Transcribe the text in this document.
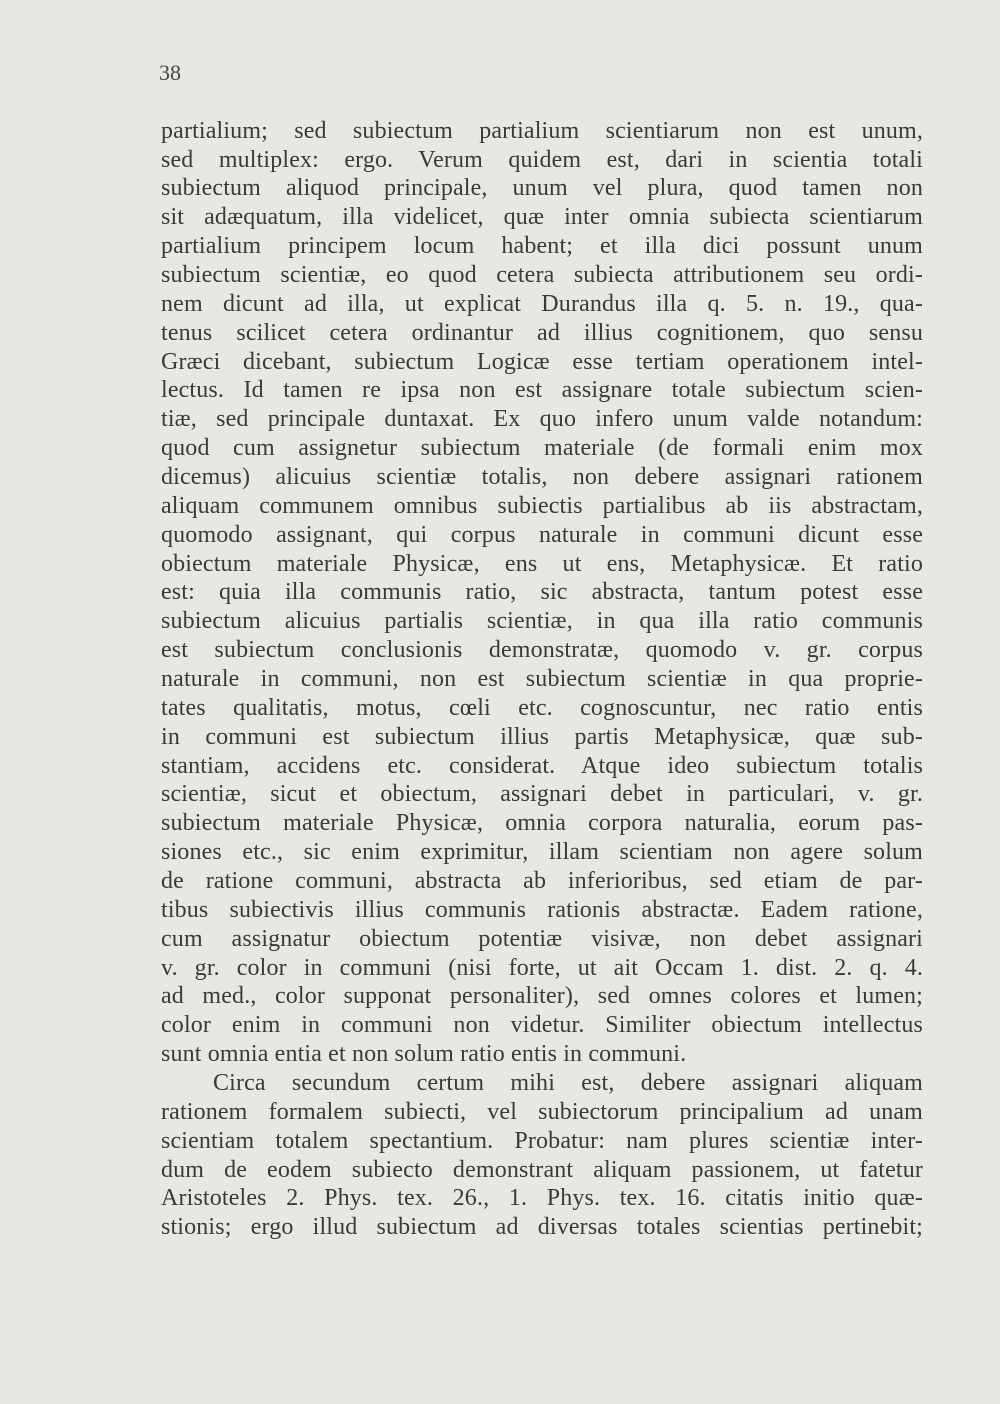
38
partialium; sed subiectum partialium scientiarum non est unum,
sed multiplex: ergo. Verum quidem est, dari in scientia totali
subiectum aliquod principale, unum vel plura, quod tamen non
sit adæquatum, illa videlicet, quæ inter omnia subiecta scientiarum
partialium principem locum habent; et illa dici possunt unum
subiectum scientiæ, eo quod cetera subiecta attributionem seu ordi-
nem dicunt ad illa, ut explicat Durandus illa q. 5. n. 19., qua-
tenus scilicet cetera ordinantur ad illius cognitionem, quo sensu
Græci dicebant, subiectum Logicæ esse tertiam operationem intel-
lectus. Id tamen re ipsa non est assignare totale subiectum scien-
tiæ, sed principale duntaxat. Ex quo infero unum valde notandum:
quod cum assignetur subiectum materiale (de formali enim mox
dicemus) alicuius scientiæ totalis, non debere assignari rationem
aliquam communem omnibus subiectis partialibus ab iis abstractam,
quomodo assignant, qui corpus naturale in communi dicunt esse
obiectum materiale Physicæ, ens ut ens, Metaphysicæ. Et ratio
est: quia illa communis ratio, sic abstracta, tantum potest esse
subiectum alicuius partialis scientiæ, in qua illa ratio communis
est subiectum conclusionis demonstratæ, quomodo v. gr. corpus
naturale in communi, non est subiectum scientiæ in qua proprie-
tates qualitatis, motus, cœli etc. cognoscuntur, nec ratio entis
in communi est subiectum illius partis Metaphysicæ, quæ sub-
stantiam, accidens etc. considerat. Atque ideo subiectum totalis
scientiæ, sicut et obiectum, assignari debet in particulari, v. gr.
subiectum materiale Physicæ, omnia corpora naturalia, eorum pas-
siones etc., sic enim exprimitur, illam scientiam non agere solum
de ratione communi, abstracta ab inferioribus, sed etiam de par-
tibus subiectivis illius communis rationis abstractæ. Eadem ratione,
cum assignatur obiectum potentiæ visivæ, non debet assignari
v. gr. color in communi (nisi forte, ut ait Occam 1. dist. 2. q. 4.
ad med., color supponat personaliter), sed omnes colores et lumen;
color enim in communi non videtur. Similiter obiectum intellectus
sunt omnia entia et non solum ratio entis in communi.
Circa secundum certum mihi est, debere assignari aliquam
rationem formalem subiecti, vel subiectorum principalium ad unam
scientiam totalem spectantium. Probatur: nam plures scientiæ inter-
dum de eodem subiecto demonstrant aliquam passionem, ut fatetur
Aristoteles 2. Phys. tex. 26., 1. Phys. tex. 16. citatis initio quæ-
stionis; ergo illud subiectum ad diversas totales scientias pertinebit;
